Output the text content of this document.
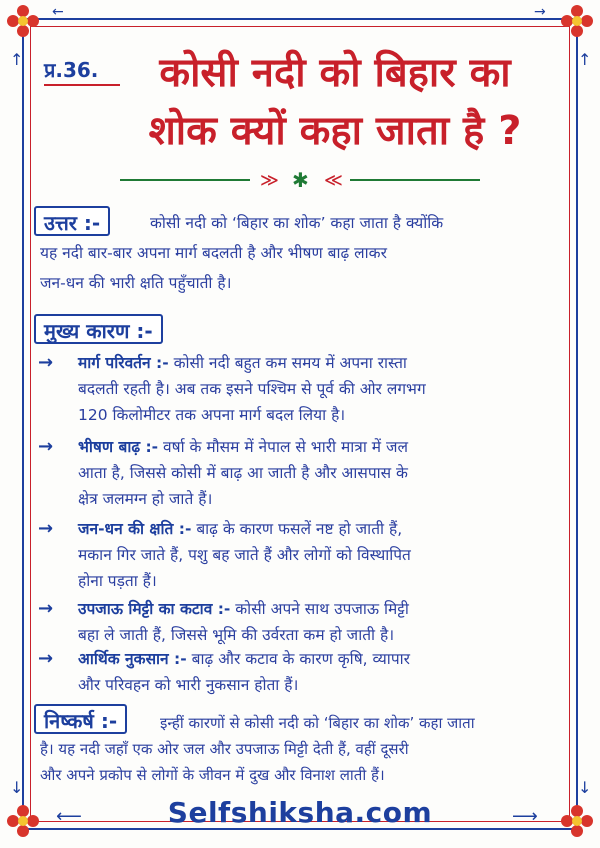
↑
↓
↑
↓
←	→
प्र.36.	कोसी नदी को बिहार का
शोक क्यों कहा जाता है ?
≫ ✱ ≪
उत्तर :-	कोसी नदी को ‘बिहार का शोक’ कहा जाता है क्योंकि
यह नदी बार-बार अपना मार्ग बदलती है और भीषण बाढ़ लाकर
जन-धन की भारी क्षति पहुँचाती है।
मुख्य कारण :-
→	मार्ग परिवर्तन :- कोसी नदी बहुत कम समय में अपना रास्ता
बदलती रहती है। अब तक इसने पश्चिम से पूर्व की ओर लगभग
120 किलोमीटर तक अपना मार्ग बदल लिया है।
→	भीषण बाढ़ :- वर्षा के मौसम में नेपाल से भारी मात्रा में जल
आता है, जिससे कोसी में बाढ़ आ जाती है और आसपास के
क्षेत्र जलमग्न हो जाते हैं।
→	जन-धन की क्षति :- बाढ़ के कारण फसलें नष्ट हो जाती हैं,
मकान गिर जाते हैं, पशु बह जाते हैं और लोगों को विस्थापित
होना पड़ता हैं।
→	उपजाऊ मिट्टी का कटाव :- कोसी अपने साथ उपजाऊ मिट्टी
बहा ले जाती हैं, जिससे भूमि की उर्वरता कम हो जाती है।
→	आर्थिक नुकसान :- बाढ़ और कटाव के कारण कृषि, व्यापार
और परिवहन को भारी नुकसान होता हैं।
निष्कर्ष :-	इन्हीं कारणों से कोसी नदी को ‘बिहार का शोक’ कहा जाता
है। यह नदी जहाँ एक ओर जल और उपजाऊ मिट्टी देती हैं, वहीं दूसरी
और अपने प्रकोप से लोगों के जीवन में दुख और विनाश लाती हैं।
⟵	Selfshiksha.com	⟶
